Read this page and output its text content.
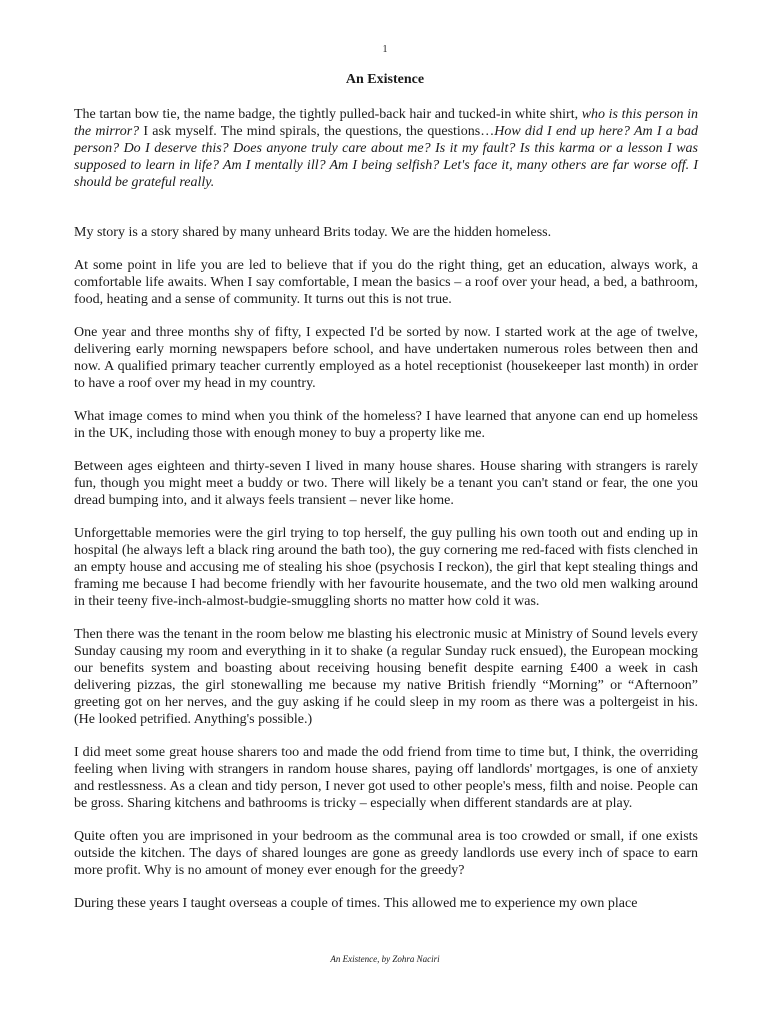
1
An Existence

The tartan bow tie, the name badge, the tightly pulled-back hair and tucked-in white shirt, who is this person in the mirror? I ask myself. The mind spirals, the questions, the questions…How did I end up here? Am I a bad person? Do I deserve this? Does anyone truly care about me? Is it my fault? Is this karma or a lesson I was supposed to learn in life? Am I mentally ill? Am I being selfish? Let's face it, many others are far worse off. I should be grateful really.

My story is a story shared by many unheard Brits today. We are the hidden homeless.

At some point in life you are led to believe that if you do the right thing, get an education, always work, a comfortable life awaits. When I say comfortable, I mean the basics – a roof over your head, a bed, a bathroom, food, heating and a sense of community. It turns out this is not true.

One year and three months shy of fifty, I expected I'd be sorted by now. I started work at the age of twelve, delivering early morning newspapers before school, and have undertaken numerous roles between then and now. A qualified primary teacher currently employed as a hotel receptionist (housekeeper last month) in order to have a roof over my head in my country.

What image comes to mind when you think of the homeless? I have learned that anyone can end up homeless in the UK, including those with enough money to buy a property like me.

Between ages eighteen and thirty-seven I lived in many house shares. House sharing with strangers is rarely fun, though you might meet a buddy or two. There will likely be a tenant you can't stand or fear, the one you dread bumping into, and it always feels transient – never like home.

Unforgettable memories were the girl trying to top herself, the guy pulling his own tooth out and ending up in hospital (he always left a black ring around the bath too), the guy cornering me red-faced with fists clenched in an empty house and accusing me of stealing his shoe (psychosis I reckon), the girl that kept stealing things and framing me because I had become friendly with her favourite housemate, and the two old men walking around in their teeny five-inch-almost-budgie-smuggling shorts no matter how cold it was.

Then there was the tenant in the room below me blasting his electronic music at Ministry of Sound levels every Sunday causing my room and everything in it to shake (a regular Sunday ruck ensued), the European mocking our benefits system and boasting about receiving housing benefit despite earning £400 a week in cash delivering pizzas, the girl stonewalling me because my native British friendly “Morning” or “Afternoon” greeting got on her nerves, and the guy asking if he could sleep in my room as there was a poltergeist in his. (He looked petrified. Anything's possible.)

I did meet some great house sharers too and made the odd friend from time to time but, I think, the overriding feeling when living with strangers in random house shares, paying off landlords' mortgages, is one of anxiety and restlessness. As a clean and tidy person, I never got used to other people's mess, filth and noise. People can be gross. Sharing kitchens and bathrooms is tricky – especially when different standards are at play.

Quite often you are imprisoned in your bedroom as the communal area is too crowded or small, if one exists outside the kitchen. The days of shared lounges are gone as greedy landlords use every inch of space to earn more profit. Why is no amount of money ever enough for the greedy?

During these years I taught overseas a couple of times. This allowed me to experience my own place

An Existence, by Zohra Naciri
